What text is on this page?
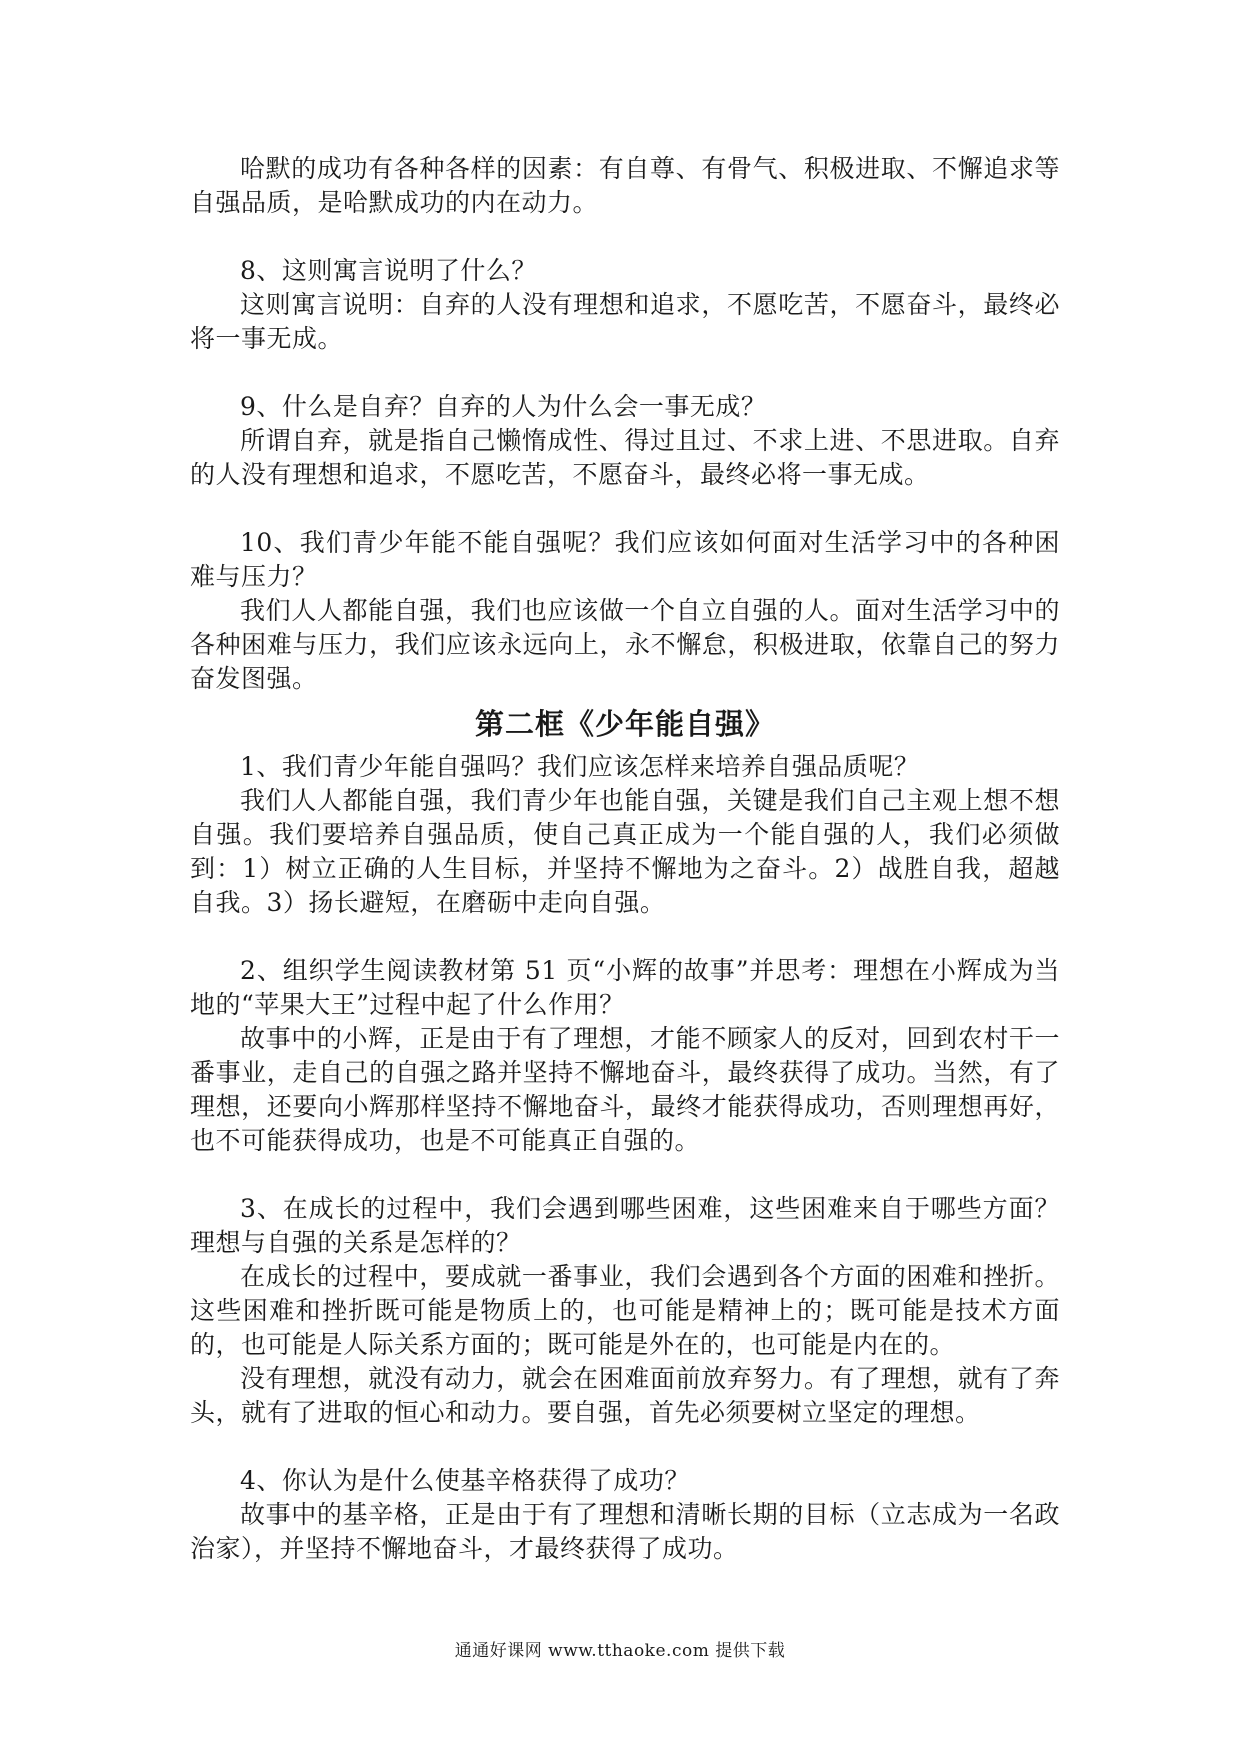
哈默的成功有各种各样的因素：有自尊、有骨气、积极进取、不懈追求等自强品质，是哈默成功的内在动力。

8、这则寓言说明了什么？

这则寓言说明：自弃的人没有理想和追求，不愿吃苦，不愿奋斗，最终必将一事无成。

9、什么是自弃？自弃的人为什么会一事无成？

所谓自弃，就是指自己懒惰成性、得过且过、不求上进、不思进取。自弃的人没有理想和追求，不愿吃苦，不愿奋斗，最终必将一事无成。

10、我们青少年能不能自强呢？我们应该如何面对生活学习中的各种困难与压力？

我们人人都能自强，我们也应该做一个自立自强的人。面对生活学习中的各种困难与压力，我们应该永远向上，永不懈怠，积极进取，依靠自己的努力奋发图强。

第二框《少年能自强》

1、我们青少年能自强吗？我们应该怎样来培养自强品质呢？

我们人人都能自强，我们青少年也能自强，关键是我们自己主观上想不想自强。我们要培养自强品质，使自己真正成为一个能自强的人，我们必须做到：1）树立正确的人生目标，并坚持不懈地为之奋斗。2）战胜自我，超越自我。3）扬长避短，在磨砺中走向自强。

2、组织学生阅读教材第 51 页“小辉的故事”并思考：理想在小辉成为当地的“苹果大王”过程中起了什么作用？

故事中的小辉，正是由于有了理想，才能不顾家人的反对，回到农村干一番事业，走自己的自强之路并坚持不懈地奋斗，最终获得了成功。当然，有了理想，还要向小辉那样坚持不懈地奋斗，最终才能获得成功，否则理想再好，也不可能获得成功，也是不可能真正自强的。

3、在成长的过程中，我们会遇到哪些困难，这些困难来自于哪些方面？理想与自强的关系是怎样的？

在成长的过程中，要成就一番事业，我们会遇到各个方面的困难和挫折。这些困难和挫折既可能是物质上的，也可能是精神上的；既可能是技术方面的，也可能是人际关系方面的；既可能是外在的，也可能是内在的。

没有理想，就没有动力，就会在困难面前放弃努力。有了理想，就有了奔头，就有了进取的恒心和动力。要自强，首先必须要树立坚定的理想。

4、你认为是什么使基辛格获得了成功？

故事中的基辛格，正是由于有了理想和清晰长期的目标（立志成为一名政治家），并坚持不懈地奋斗，才最终获得了成功。

通通好课网 www.tthaoke.com 提供下载
